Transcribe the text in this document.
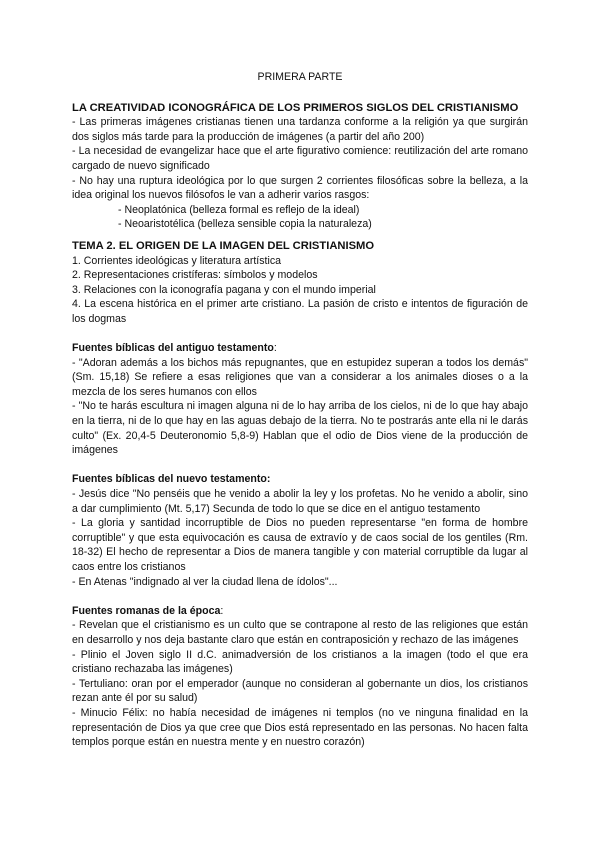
PRIMERA PARTE
LA CREATIVIDAD ICONOGRÁFICA DE LOS PRIMEROS SIGLOS DEL CRISTIANISMO

- Las primeras imágenes cristianas tienen una tardanza conforme a la religión ya que surgirán dos siglos más tarde para la producción de imágenes (a partir del año 200)

- La necesidad de evangelizar hace que el arte figurativo comience: reutilización del arte romano cargado de nuevo significado

- No hay una ruptura ideológica por lo que surgen 2 corrientes filosóficas sobre la belleza, a la idea original los nuevos filósofos le van a adherir varios rasgos:

- Neoplatónica (belleza formal es reflejo de la ideal)

- Neoaristotélica (belleza sensible copia la naturaleza)

TEMA 2. EL ORIGEN DE LA IMAGEN DEL CRISTIANISMO

1. Corrientes ideológicas y literatura artística

2. Representaciones cristíferas: símbolos y modelos

3. Relaciones con la iconografía pagana y con el mundo imperial

4. La escena histórica en el primer arte cristiano. La pasión de cristo e intentos de figuración de los dogmas

Fuentes bíblicas del antiguo testamento:

- "Adoran además a los bichos más repugnantes, que en estupidez superan a todos los demás" (Sm. 15,18) Se refiere a esas religiones que van a considerar a los animales dioses o a la mezcla de los seres humanos con ellos

- "No te harás escultura ni imagen alguna ni de lo hay arriba de los cielos, ni de lo que hay abajo en la tierra, ni de lo que hay en las aguas debajo de la tierra. No te postrarás ante ella ni le darás culto" (Ex. 20,4-5 Deuteronomio 5,8-9) Hablan que el odio de Dios viene de la producción de imágenes

Fuentes bíblicas del nuevo testamento:

- Jesús dice "No penséis que he venido a abolir la ley y los profetas. No he venido a abolir, sino a dar cumplimiento (Mt. 5,17) Secunda de todo lo que se dice en el antiguo testamento

- La gloria y santidad incorruptible de Dios no pueden representarse "en forma de hombre corruptible" y que esta equivocación es causa de extravío y de caos social de los gentiles (Rm. 18-32) El hecho de representar a Dios de manera tangible y con material corruptible da lugar al caos entre los cristianos

- En Atenas "indignado al ver la ciudad llena de ídolos"...

Fuentes romanas de la época:

- Revelan que el cristianismo es un culto que se contrapone al resto de las religiones que están en desarrollo y nos deja bastante claro que están en contraposición y rechazo de las imágenes

- Plinio el Joven siglo II d.C. animadversión de los cristianos a la imagen (todo el que era cristiano rechazaba las imágenes)

- Tertuliano: oran por el emperador (aunque no consideran al gobernante un dios, los cristianos rezan ante él por su salud)

- Minucio Félix: no había necesidad de imágenes ni templos (no ve ninguna finalidad en la representación de Dios ya que cree que Dios está representado en las personas. No hacen falta templos porque están en nuestra mente y en nuestro corazón)
